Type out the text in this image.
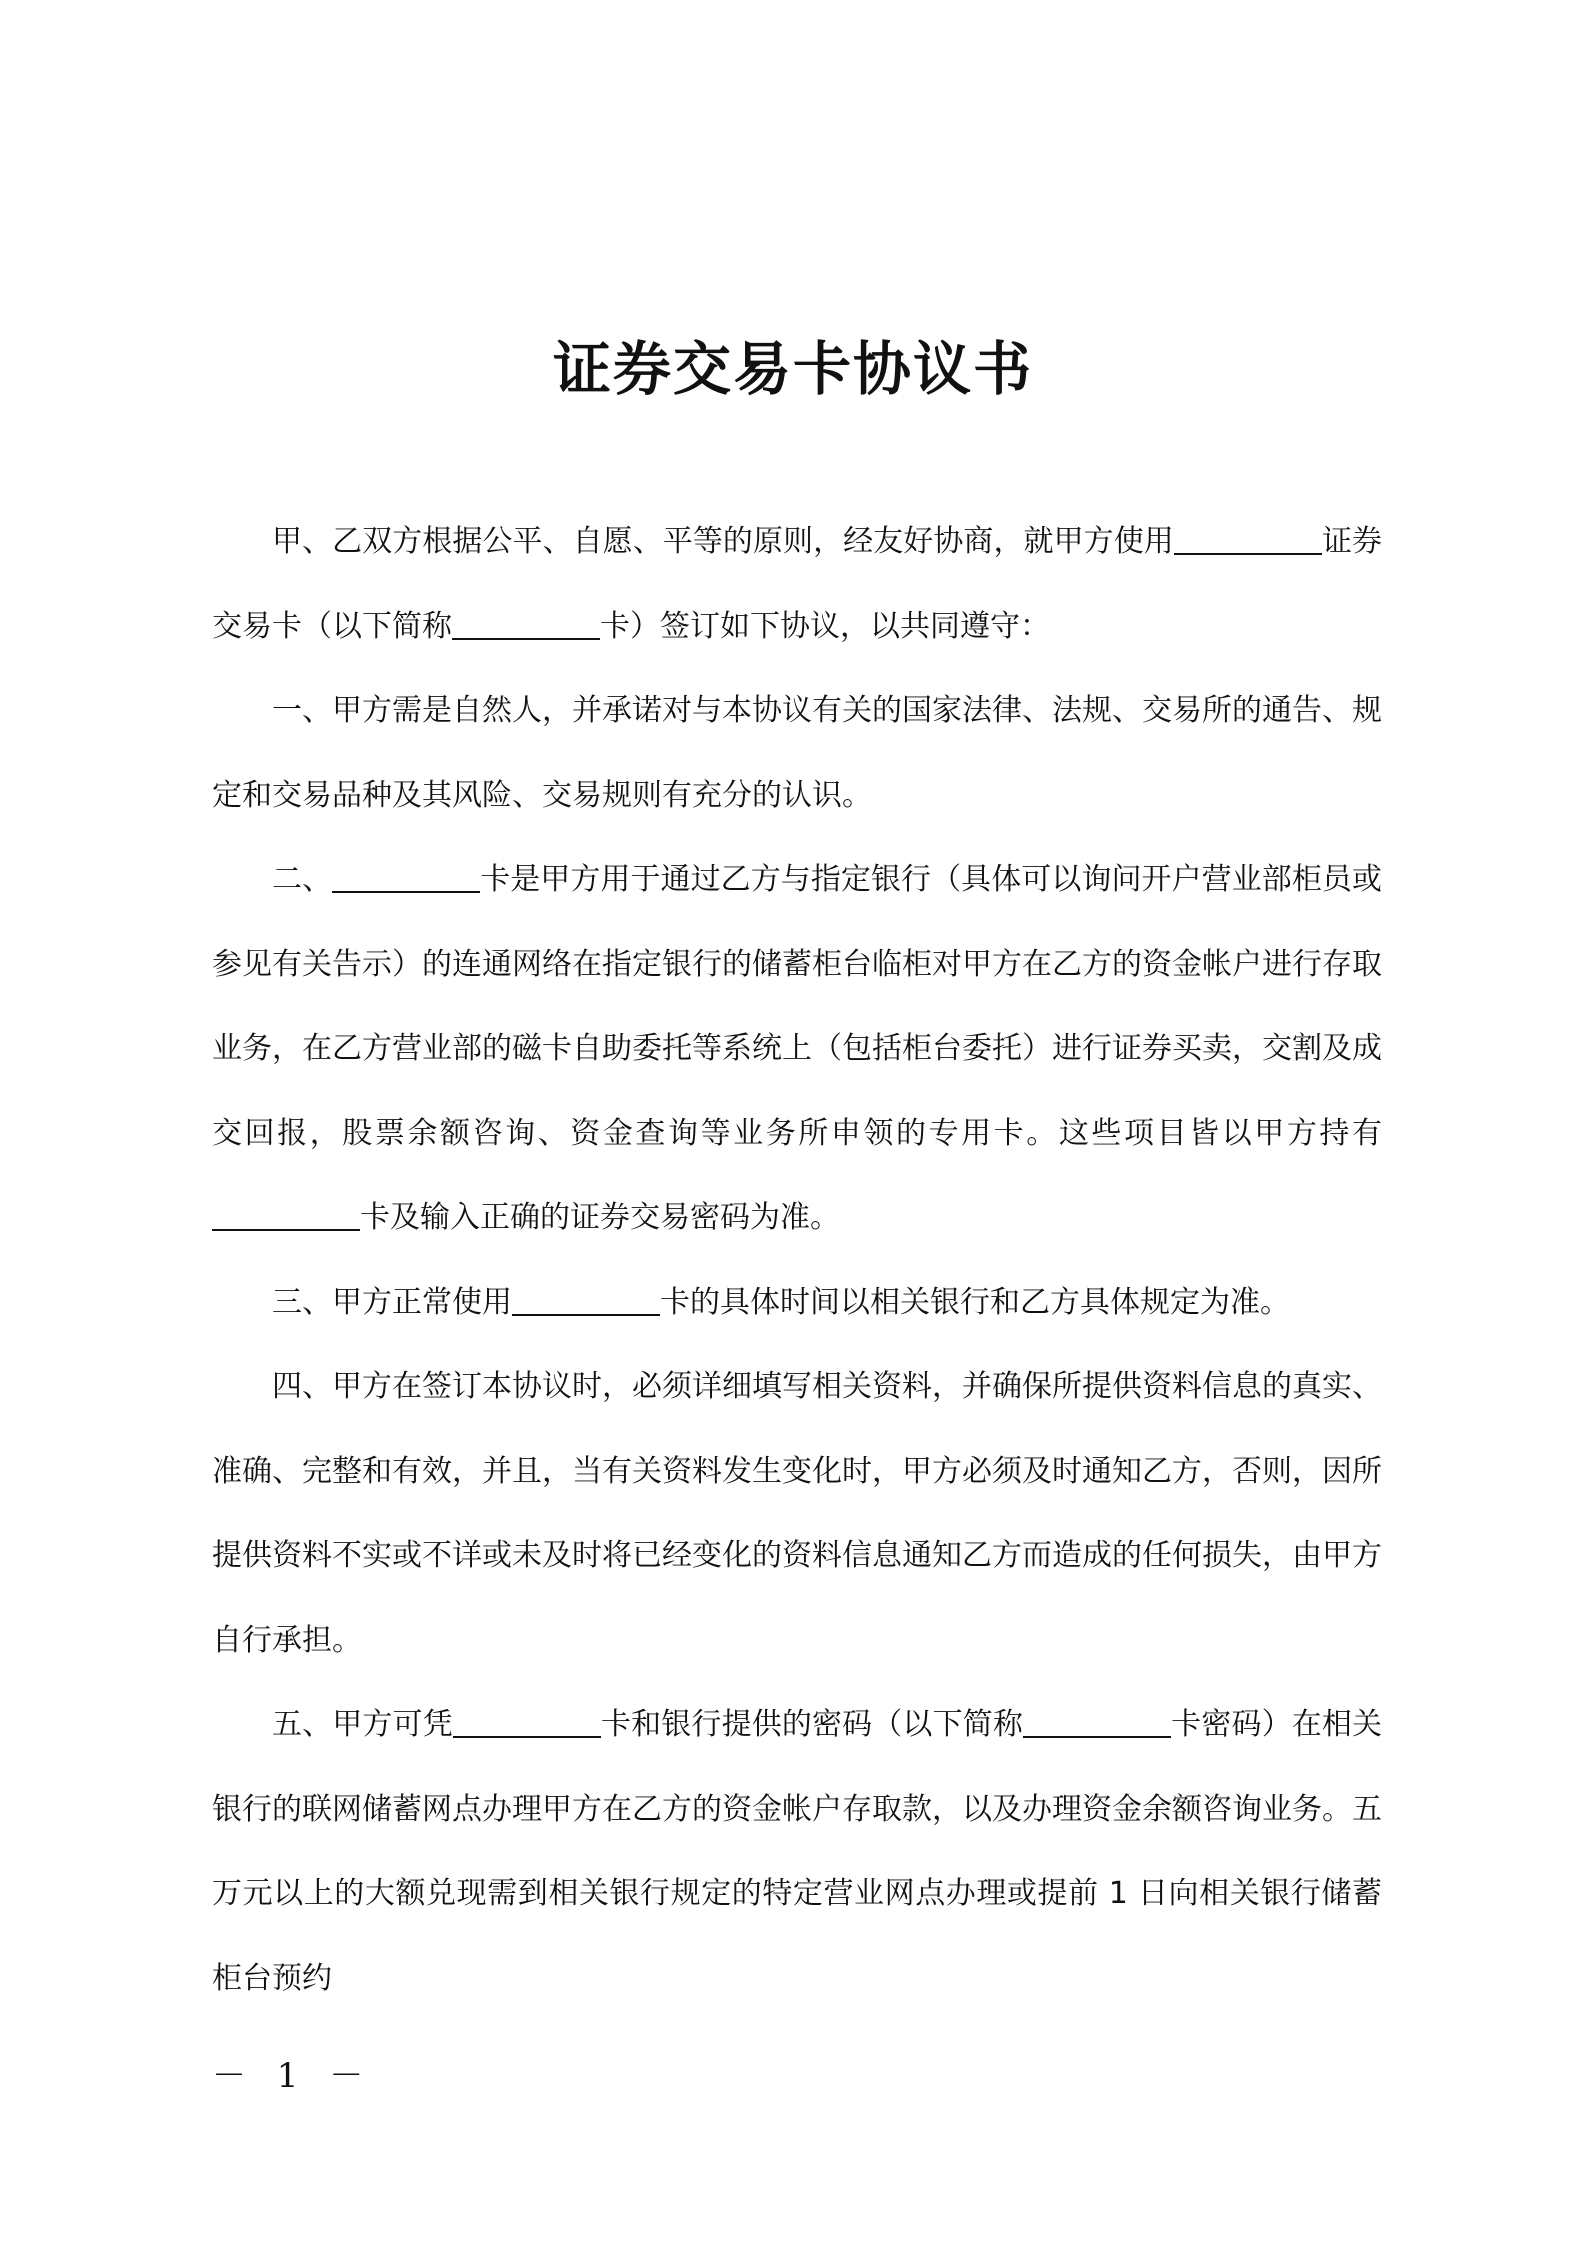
证券交易卡协议书

甲、乙双方根据公平、自愿、平等的原则，经友好协商，就甲方使用	证券交易卡（以下简称	卡）签订如下协议，以共同遵守：

一、甲方需是自然人，并承诺对与本协议有关的国家法律、法规、交易所的通告、规定和交易品种及其风险、交易规则有充分的认识。

二、	卡是甲方用于通过乙方与指定银行（具体可以询问开户营业部柜员或参见有关告示）的连通网络在指定银行的储蓄柜台临柜对甲方在乙方的资金帐户进行存取业务，在乙方营业部的磁卡自助委托等系统上（包括柜台委托）进行证券买卖，交割及成交回报，股票余额咨询、资金查询等业务所申领的专用卡。这些项目皆以甲方持有卡及输入正确的证券交易密码为准。

三、甲方正常使用	卡的具体时间以相关银行和乙方具体规定为准。

四、甲方在签订本协议时，必须详细填写相关资料，并确保所提供资料信息的真实、准确、完整和有效，并且，当有关资料发生变化时，甲方必须及时通知乙方，否则，因所提供资料不实或不详或未及时将已经变化的资料信息通知乙方而造成的任何损失，由甲方自行承担。

五、甲方可凭	卡和银行提供的密码（以下简称	卡密码）在相关银行的联网储蓄网点办理甲方在乙方的资金帐户存取款，以及办理资金余额咨询业务。五万元以上的大额兑现需到相关银行规定的特定营业网点办理或提前 1 日向相关银行储蓄柜台预约

－ 1 －
